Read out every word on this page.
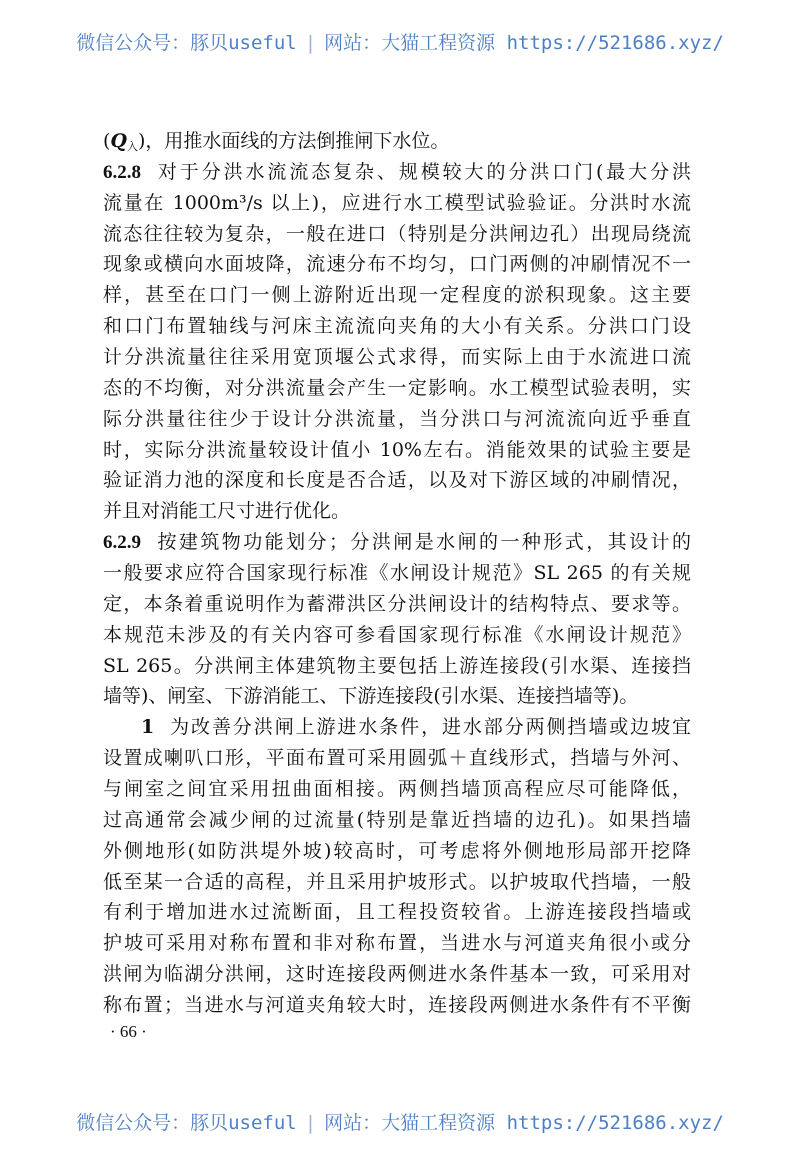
微信公众号：豚贝useful | 网站：大猫工程资源 https://521686.xyz/
$(Q_入)$，用推水面线的方法倒推闸下水位。
6.2.8 对于分洪水流流态复杂、规模较大的分洪口门(最大分洪
流量在 1000m³/s 以上)，应进行水工模型试验验证。分洪时水流
流态往往较为复杂，一般在进口（特别是分洪闸边孔）出现局绕流
现象或横向水面坡降，流速分布不均匀，口门两侧的冲刷情况不一
样，甚至在口门一侧上游附近出现一定程度的淤积现象。这主要
和口门布置轴线与河床主流流向夹角的大小有关系。分洪口门设
计分洪流量往往采用宽顶堰公式求得，而实际上由于水流进口流
态的不均衡，对分洪流量会产生一定影响。水工模型试验表明，实
际分洪量往往少于设计分洪流量，当分洪口与河流流向近乎垂直
时，实际分洪流量较设计值小 10%左右。消能效果的试验主要是
验证消力池的深度和长度是否合适，以及对下游区域的冲刷情况，
并且对消能工尺寸进行优化。
6.2.9 按建筑物功能划分；分洪闸是水闸的一种形式，其设计的
一般要求应符合国家现行标准《水闸设计规范》SL 265 的有关规
定，本条着重说明作为蓄滞洪区分洪闸设计的结构特点、要求等。
本规范未涉及的有关内容可参看国家现行标准《水闸设计规范》
SL 265。分洪闸主体建筑物主要包括上游连接段(引水渠、连接挡
墙等)、闸室、下游消能工、下游连接段(引水渠、连接挡墙等)。
1 为改善分洪闸上游进水条件，进水部分两侧挡墙或边坡宜
设置成喇叭口形，平面布置可采用圆弧＋直线形式，挡墙与外河、
与闸室之间宜采用扭曲面相接。两侧挡墙顶高程应尽可能降低，
过高通常会减少闸的过流量(特别是靠近挡墙的边孔)。如果挡墙
外侧地形(如防洪堤外坡)较高时，可考虑将外侧地形局部开挖降
低至某一合适的高程，并且采用护坡形式。以护坡取代挡墙，一般
有利于增加进水过流断面，且工程投资较省。上游连接段挡墙或
护坡可采用对称布置和非对称布置，当进水与河道夹角很小或分
洪闸为临湖分洪闸，这时连接段两侧进水条件基本一致，可采用对
称布置；当进水与河道夹角较大时，连接段两侧进水条件有不平衡
· 66 ·
微信公众号：豚贝useful | 网站：大猫工程资源 https://521686.xyz/
